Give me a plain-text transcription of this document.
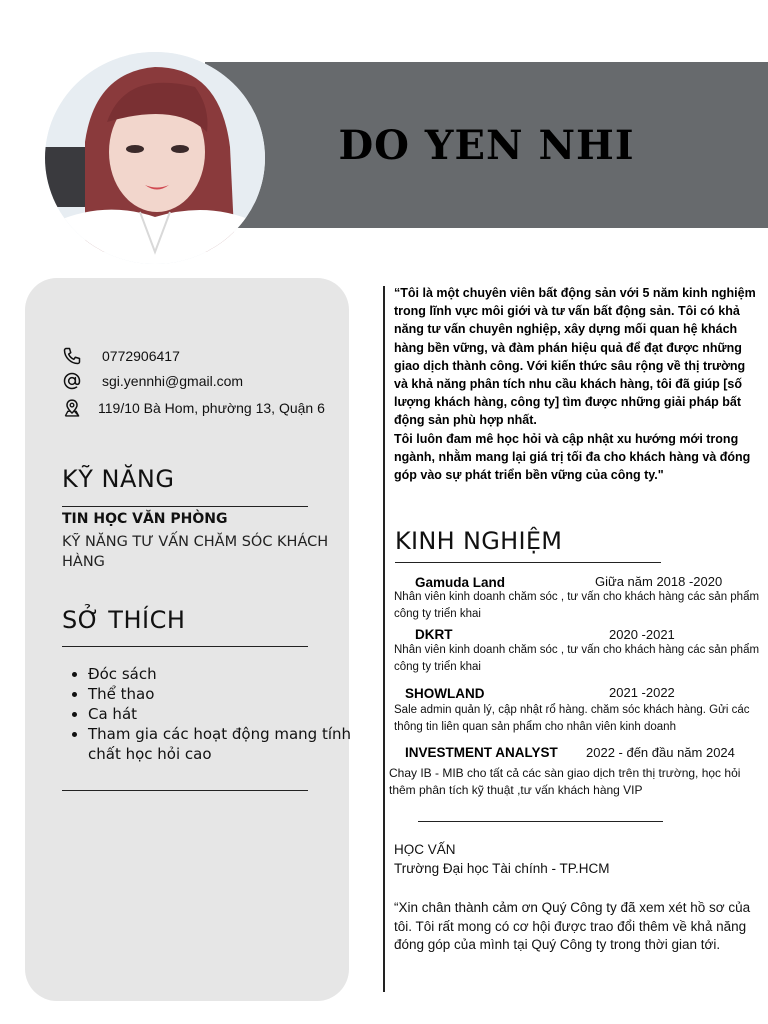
DO YEN NHI
0772906417
sgi.yennhi@gmail.com
119/10 Bà Hom, phường 13, Quận 6
KỸ NĂNG
TIN HỌC VĂN PHÒNG
KỸ NĂNG TƯ VẤN CHĂM SÓC KHÁCH HÀNG
SỞ THÍCH
• Đóc sách
• Thể thao
• Ca hát
• Tham gia các hoạt động mang tính chất học hỏi cao
“Tôi là một chuyên viên bất động sản với 5 năm kinh nghiệm trong lĩnh vực môi giới và tư vấn bất động sản. Tôi có khả năng tư vấn chuyên nghiệp, xây dựng mối quan hệ khách hàng bền vững, và đàm phán hiệu quả để đạt được những giao dịch thành công. Với kiến thức sâu rộng về thị trường và khả năng phân tích nhu cầu khách hàng, tôi đã giúp [số lượng khách hàng, công ty] tìm được những giải pháp bất động sản phù hợp nhất.
Tôi luôn đam mê học hỏi và cập nhật xu hướng mới trong ngành, nhằm mang lại giá trị tối đa cho khách hàng và đóng góp vào sự phát triển bền vững của công ty."
KINH NGHIỆM
Gamuda Land	Giữa năm 2018 -2020
Nhân viên kinh doanh chăm sóc , tư vấn cho khách hàng các sản phẩm công ty triển khai
DKRT	2020 -2021
Nhân viên kinh doanh chăm sóc , tư vấn cho khách hàng các sản phẩm công ty triển khai
SHOWLAND	2021 -2022
Sale admin quản lý, cập nhật rổ hàng. chăm sóc khách hàng. Gửi các thông tin liên quan sản phẩm cho nhân viên kinh doanh
INVESTMENT ANALYST 2022 - đến đầu năm 2024
Chay IB - MIB cho tất cả các sàn giao dịch trên thị trường, học hỏi thêm phân tích kỹ thuật ,tư vấn khách hàng VIP
HỌC VẤN
Trường Đại học Tài chính - TP.HCM
“Xin chân thành cảm ơn Quý Công ty đã xem xét hồ sơ của tôi. Tôi rất mong có cơ hội được trao đổi thêm về khả năng đóng góp của mình tại Quý Công ty trong thời gian tới.
